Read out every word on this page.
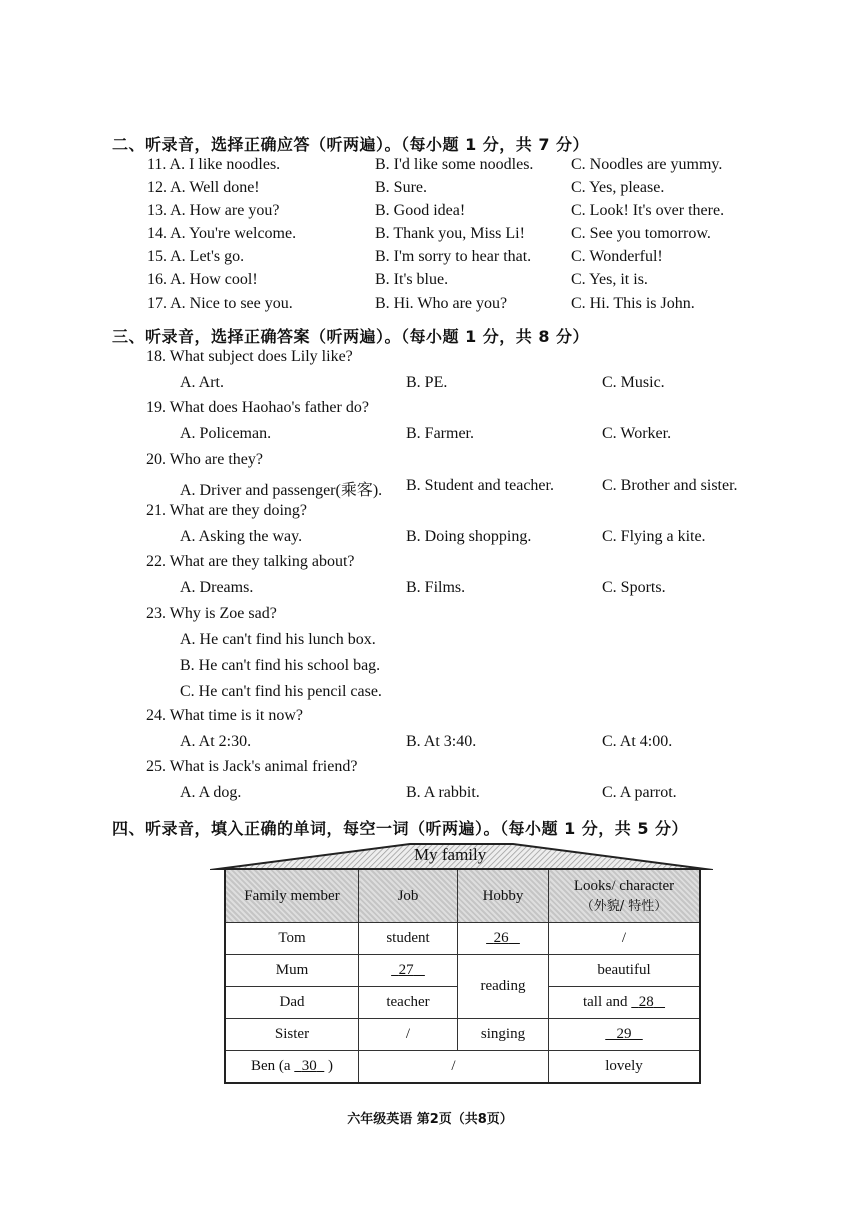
二、听录音，选择正确应答（听两遍）。（每小题 1 分，共 7 分）
11. A. I like noodles.	B. I'd like some noodles. C. Noodles are yummy.
12. A. Well done!	B. Sure.	C. Yes, please.
13. A. How are you?	B. Good idea!	C. Look! It's over there.
14. A. You're welcome.	B. Thank you, Miss Li!	C. See you tomorrow.
15. A. Let's go.	B. I'm sorry to hear that. C. Wonderful!
16. A. How cool!	B. It's blue.	C. Yes, it is.
17. A. Nice to see you.	B. Hi. Who are you?	C. Hi. This is John.
三、听录音，选择正确答案（听两遍）。（每小题 1 分，共 8 分）
18. What subject does Lily like?
A. Art.	B. PE.	C. Music.
19. What does Haohao's father do?
A. Policeman.	B. Farmer.	C. Worker.
20. Who are they?
A. Driver and passenger(乘客). B. Student and teacher.	C. Brother and sister.
21. What are they doing?
A. Asking the way.	B. Doing shopping.	C. Flying a kite.
22. What are they talking about?
A. Dreams.	B. Films.	C. Sports.
23. Why is Zoe sad?
A. He can't find his lunch box.
B. He can't find his school bag.
C. He can't find his pencil case.
24. What time is it now?
A. At 2:30.	B. At 3:40.	C. At 4:00.
25. What is Jack's animal friend?
A. A dog.	B. A rabbit.	C. A parrot.
四、听录音，填入正确的单词，每空一词（听两遍）。（每小题 1 分，共 5 分）
My family
Family member	Job	Hobby	Looks/ character
（外貌/ 特性）
Tom	student	26	/
Mum	27	reading	beautiful
Dad	teacher		tall and 28
Sister	/	singing	29
Ben (a 30 )	/		lovely
六年级英语 第2页（共8页）
